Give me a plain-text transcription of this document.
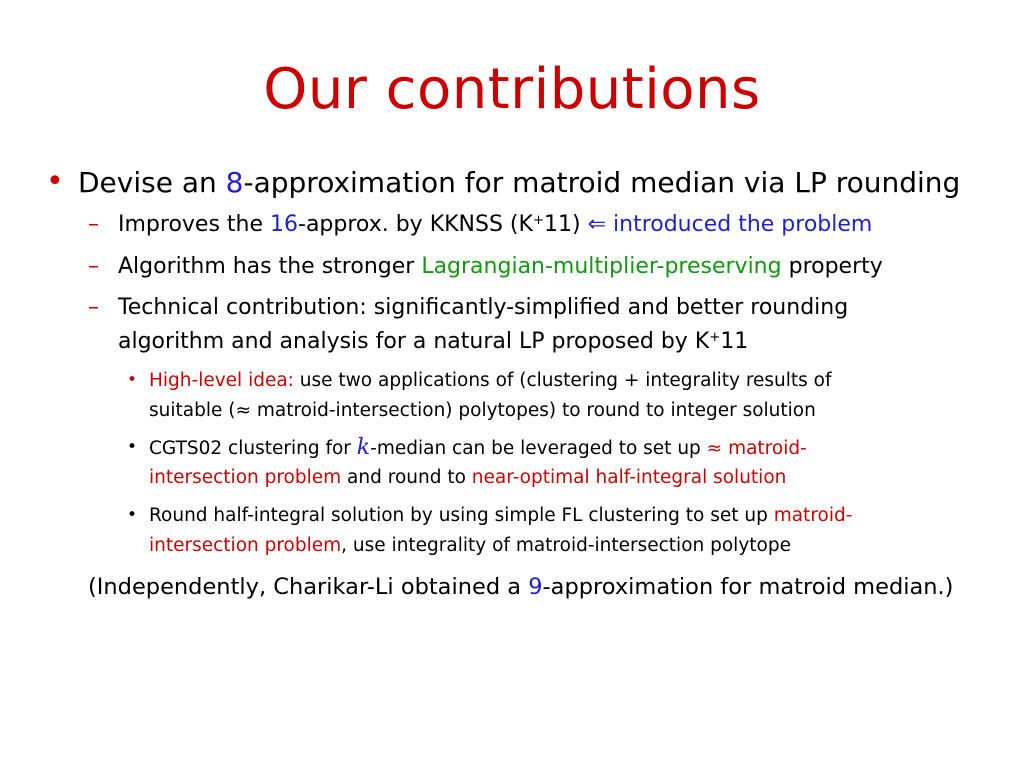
Our contributions
• Devise an 8-approximation for matroid median via LP rounding
– Improves the 16-approx. by KKNSS (K+11) ⇐ introduced the problem
– Algorithm has the stronger Lagrangian-multiplier-preserving property
– Technical contribution: significantly-simplified and better rounding
algorithm and analysis for a natural LP proposed by K+11
• High-level idea: use two applications of (clustering + integrality results of
suitable (≈ matroid-intersection) polytopes) to round to integer solution
• CGTS02 clustering for k-median can be leveraged to set up ≈ matroid-
intersection problem and round to near-optimal half-integral solution
• Round half-integral solution by using simple FL clustering to set up matroid-
intersection problem, use integrality of matroid-intersection polytope
(Independently, Charikar-Li obtained a 9-approximation for matroid median.)
